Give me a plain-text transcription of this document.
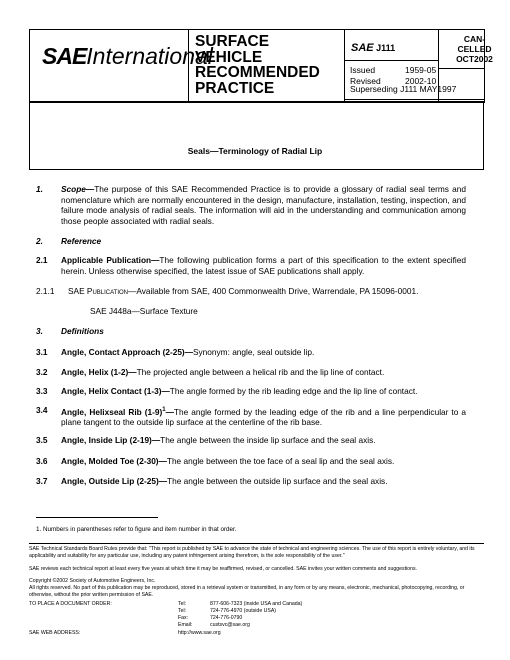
SAEInternational
SURFACE
VEHICLE
RECOMMENDED
PRACTICE
SAE J111
CAN-
CELLED
OCT2002
Issued	1959-05
Revised	2002-10
Superseding J111 MAY1997
Seals—Terminology of Radial Lip
1. Scope—The purpose of this SAE Recommended Practice is to provide a glossary of radial seal terms and nomenclature which are normally encountered in the design, manufacture, installation, testing, inspection, and failure mode analysis of radial seals. The information will aid in the understanding and communication among those people associated with radial seals.
2. Reference
2.1 Applicable Publication—The following publication forms a part of this specification to the extent specified herein. Unless otherwise specified, the latest issue of SAE publications shall apply.
2.1.1 SAE Publication—Available from SAE, 400 Commonwealth Drive, Warrendale, PA 15096-0001.
SAE J448a—Surface Texture
3. Definitions
3.1 Angle, Contact Approach (2-25)—Synonym: angle, seal outside lip.
3.2 Angle, Helix (1-2)—The projected angle between a helical rib and the lip line of contact.
3.3 Angle, Helix Contact (1-3)—The angle formed by the rib leading edge and the lip line of contact.
3.4 Angle, Helixseal Rib $(1-9)^1—The$ angle formed by the leading edge of the rib and a line perpendicular to a plane tangent to the outside lip surface at the centerline of the rib base.
3.5 Angle, Inside Lip (2-19)—The angle between the inside lip surface and the seal axis.
3.6 Angle, Molded Toe (2-30)—The angle between the toe face of a seal lip and the seal axis.
3.7 Angle, Outside Lip (2-25)—The angle between the outside lip surface and the seal axis.
1. Numbers in parentheses refer to figure and item number in that order.
SAE Technical Standards Board Rules provide that: "This report is published by SAE to advance the state of technical and engineering sciences. The use of this report is entirely voluntary, and its applicability and suitability for any particular use, including any patent infringement arising therefrom, is the sole responsibility of the user."
SAE reviews each technical report at least every five years at which time it may be reaffirmed, revised, or cancelled. SAE invites your written comments and suggestions.
Copyright ©2002 Society of Automotive Engineers, Inc.
All rights reserved. No part of this publication may be reproduced, stored in a retrieval system or transmitted, in any form or by any means, electronic, mechanical, photocopying, recording, or otherwise, without the prior written permission of SAE.
TO PLACE A DOCUMENT ORDER:
SAE WEB ADDRESS:
Tel:	877-606-7323 (inside USA and Canada)
Tel:	724-776-4970 (outside USA)
Fax:	724-776-0790
Email:	custsvc@sae.org
http://www.sae.org
